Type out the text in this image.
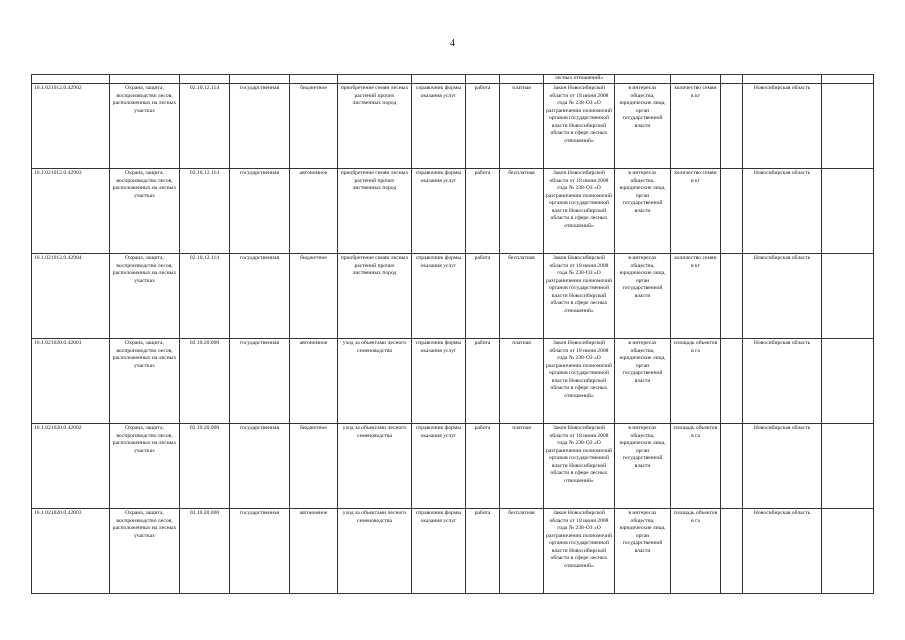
4
									лесных отношений»					
16.1.021012.0.42902	Охрана, защита, воспроизводство лесов, расположенных на лесных участках	02.10.12.114	государственная	бюджетное	приобретение семян лесных растений прочих лиственных пород	справочник формы оказания услуг	работа	платная	Закон Новосибирской области от 18 июня 2008 года № 238-ОЗ «О разграничении полномочий органов государственной власти Новосибирской области в сфере лесных отношений»	в интересах общества, юридические лица, орган государственной власти	количество семян в кг		Новосибирская область	
16.1.021012.0.42903	Охрана, защита, воспроизводство лесов, расположенных на лесных участках	02.10.12.114	государственная	автономное	приобретение семян лесных растений прочих лиственных пород	справочник формы оказания услуг	работа	бесплатная	Закон Новосибирской области от 18 июня 2008 года № 238-ОЗ «О разграничении полномочий органов государственной власти Новосибирской области в сфере лесных отношений»	в интересах общества, юридические лица, орган государственной власти	количество семян в кг		Новосибирская область	
16.1.021012.0.42904	Охрана, защита, воспроизводство лесов, расположенных на лесных участках	02.10.12.114	государственная	бюджетное	приобретение семян лесных растений прочих лиственных пород	справочник формы оказания услуг	работа	бесплатная	Закон Новосибирской области от 18 июня 2008 года № 238-ОЗ «О разграничении полномочий органов государственной власти Новосибирской области в сфере лесных отношений»	в интересах общества, юридические лица, орган государственной власти	количество семян в кг		Новосибирская область	
16.1.021020.0.42001	Охрана, защита, воспроизводство лесов, расположенных на лесных участках	02.10.20.000	государственная	автономное	уход за объектами лесного семеноводства	справочник формы оказания услуг	работа	платная	Закон Новосибирской области от 18 июня 2008 года № 238-ОЗ «О разграничении полномочий органов государственной власти Новосибирской области в сфере лесных отношений»	в интересах общества, юридические лица, орган государственной власти	площадь объектов в га		Новосибирская область	
16.1.021020.0.42002	Охрана, защита, воспроизводство лесов, расположенных на лесных участках	02.10.20.000	государственная	бюджетное	уход за объектами лесного семеноводства	справочник формы оказания услуг	работа	платная	Закон Новосибирской области от 18 июня 2008 года № 238-ОЗ «О разграничении полномочий органов государственной власти Новосибирской области в сфере лесных отношений»	в интересах общества, юридические лица, орган государственной власти	площадь объектов в га		Новосибирская область	
16.1.021020.0.42003	Охрана, защита, воспроизводство лесов, расположенных на лесных участках	02.10.20.000	государственная	автономное	уход за объектами лесного семеноводства	справочник формы оказания услуг	работа	бесплатная	Закон Новосибирской области от 18 июня 2008 года № 238-ОЗ «О разграничении полномочий органов государственной власти Новосибирской области в сфере лесных отношений»	в интересах общества, юридические лица, орган государственной власти	площадь объектов в га		Новосибирская область	
